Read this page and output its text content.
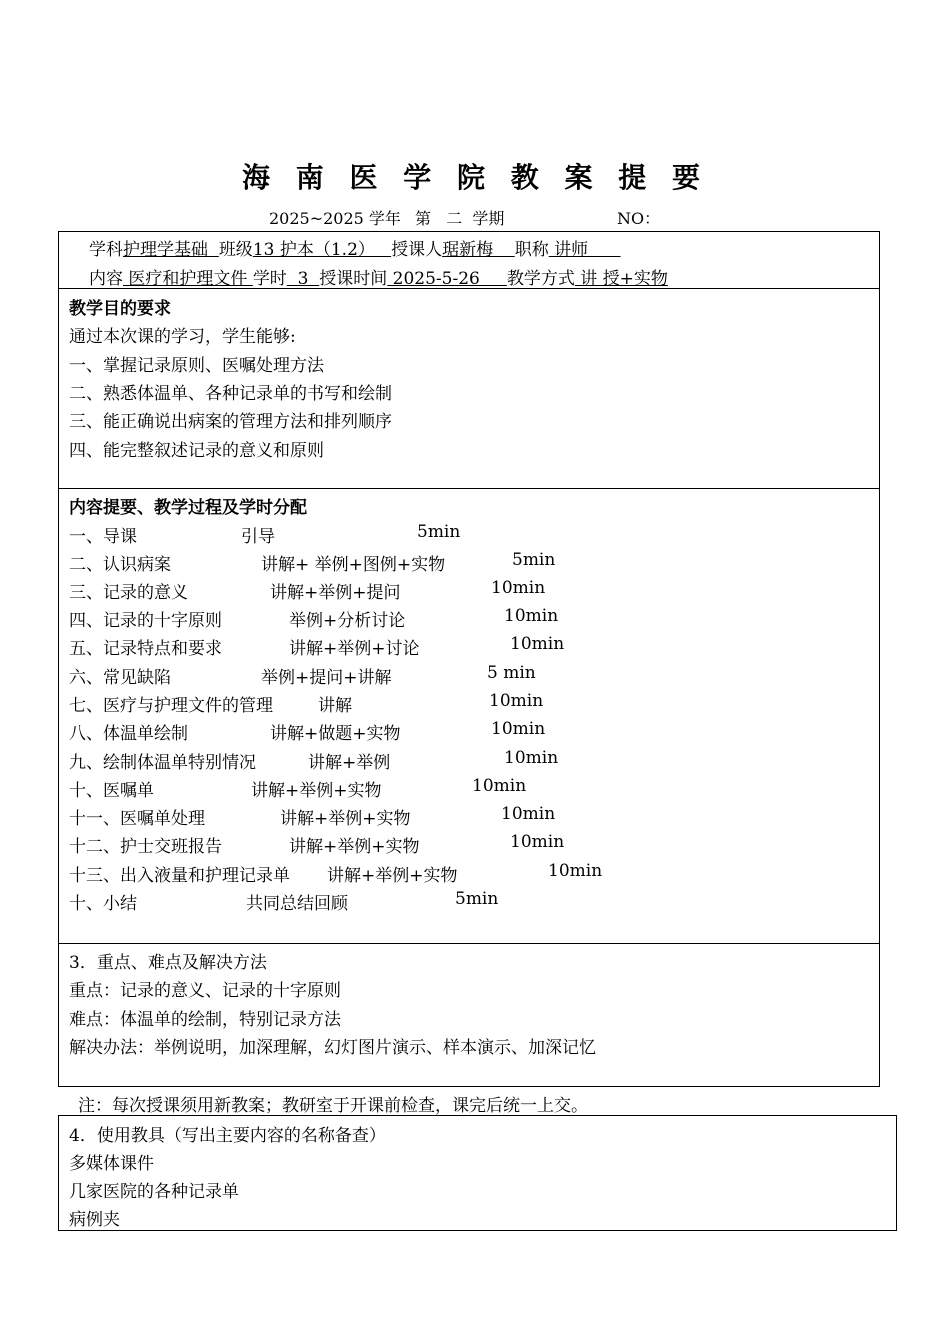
海 南 医 学 院 教 案 提 要
2025~2025 学年 第   二  学期	NO：
学科护理学基础  班级13 护本（1.2）   授课人琚新梅    职称 讲师
内容 医疗和护理文件 学时  3  授课时间 2025-5-26     教学方式 讲 授+实物
教学目的要求
通过本次课的学习，学生能够:
一、掌握记录原则、医嘱处理方法
二、熟悉体温单、各种记录单的书写和绘制
三、能正确说出病案的管理方法和排列顺序
四、能完整叙述记录的意义和原则
内容提要、教学过程及学时分配
一、导课	引导	5min
二、认识病案	讲解+ 举例+图例+实物	5min
三、记录的意义	讲解+举例+提问	10min
四、记录的十字原则	举例+分析讨论	10min
五、记录特点和要求	讲解+举例+讨论	10min
六、常见缺陷	举例+提问+讲解	5 min
七、医疗与护理文件的管理	讲解	10min
八、体温单绘制	讲解+做题+实物	10min
九、绘制体温单特别情况	讲解+举例	10min
十、医嘱单	讲解+举例+实物	10min
十一、医嘱单处理	讲解+举例+实物	10min
十二、护士交班报告	讲解+举例+实物	10min
十三、出入液量和护理记录单 讲解+举例+实物	10min
十、小结	共同总结回顾	5min
3．重点、难点及解决方法
重点：记录的意义、记录的十字原则
难点：体温单的绘制，特别记录方法
解决办法：举例说明，加深理解，幻灯图片演示、样本演示、加深记忆
注：每次授课须用新教案；教研室于开课前检查，课完后统一上交。
4．使用教具（写出主要内容的名称备查）
多媒体课件
几家医院的各种记录单
病例夹
